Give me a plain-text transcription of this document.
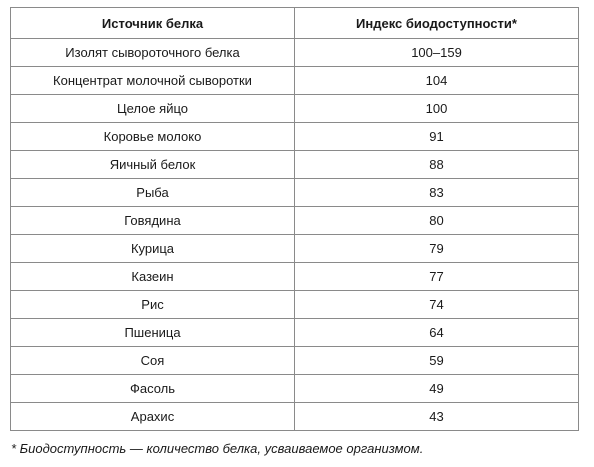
Источник белка	Индекс биодоступности*
Изолят сывороточного белка	100–159
Концентрат молочной сыворотки	104
Целое яйцо	100
Коровье молоко	91
Яичный белок	88
Рыба	83
Говядина	80
Курица	79
Казеин	77
Рис	74
Пшеница	64
Соя	59
Фасоль	49
Арахис	43
* Биодоступность — количество белка, усваиваемое организмом.
